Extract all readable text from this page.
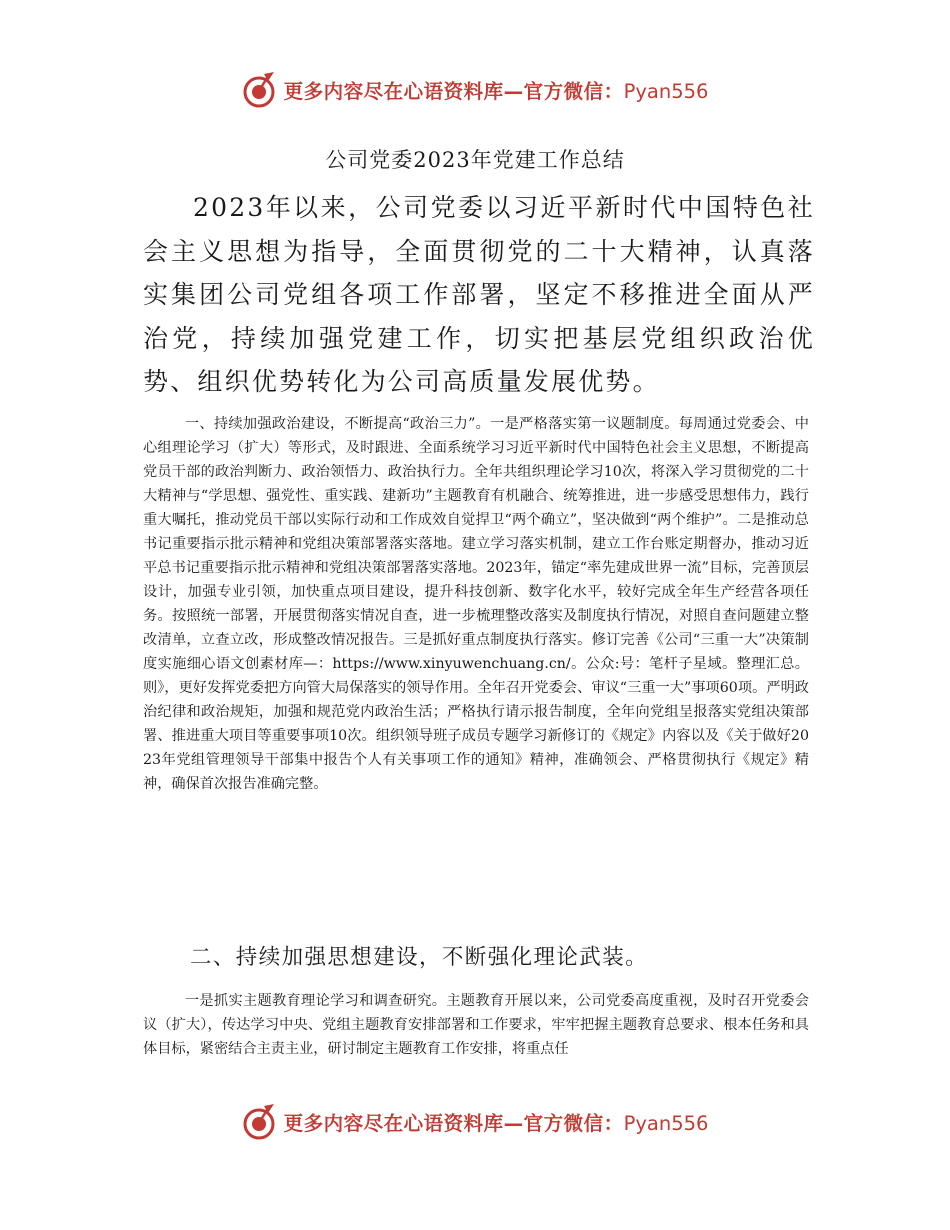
更多内容尽在心语资料库—官方微信：Pyan556
公司党委2023年党建工作总结

2023年以来，公司党委以习近平新时代中国特色社会主义思想为指导，全面贯彻党的二十大精神，认真落实集团公司党组各项工作部署，坚定不移推进全面从严治党，持续加强党建工作，切实把基层党组织政治优势、组织优势转化为公司高质量发展优势。

一、持续加强政治建设，不断提高“政治三力”。一是严格落实第一议题制度。每周通过党委会、中心组理论学习（扩大）等形式，及时跟进、全面系统学习习近平新时代中国特色社会主义思想，不断提高党员干部的政治判断力、政治领悟力、政治执行力。全年共组织理论学习10次，将深入学习贯彻党的二十大精神与“学思想、强党性、重实践、建新功”主题教育有机融合、统筹推进，进一步感受思想伟力，践行重大嘱托，推动党员干部以实际行动和工作成效自觉捍卫“两个确立”，坚决做到“两个维护”。二是推动总书记重要指示批示精神和党组决策部署落实落地。建立学习落实机制，建立工作台账定期督办，推动习近平总书记重要指示批示精神和党组决策部署落实落地。2023年，锚定“率先建成世界一流”目标，完善顶层设计，加强专业引领，加快重点项目建设，提升科技创新、数字化水平，较好完成全年生产经营各项任务。按照统一部署，开展贯彻落实情况自查，进一步梳理整改落实及制度执行情况，对照自查问题建立整改清单，立查立改，形成整改情况报告。三是抓好重点制度执行落实。修订完善《公司“三重一大”决策制度实施细心语文创素材库—：https://www.xinyuwenchuang.cn/。公众:号：笔杆子星域。整理汇总。则》，更好发挥党委把方向管大局保落实的领导作用。全年召开党委会、审议“三重一大”事项60项。严明政治纪律和政治规矩，加强和规范党内政治生活；严格执行请示报告制度，全年向党组呈报落实党组决策部署、推进重大项目等重要事项10次。组织领导班子成员专题学习新修订的《规定》内容以及《关于做好2023年党组管理领导干部集中报告个人有关事项工作的通知》精神，准确领会、严格贯彻执行《规定》精神，确保首次报告准确完整。

二、持续加强思想建设，不断强化理论武装。

一是抓实主题教育理论学习和调查研究。主题教育开展以来，公司党委高度重视，及时召开党委会议（扩大），传达学习中央、党组主题教育安排部署和工作要求，牢牢把握主题教育总要求、根本任务和具体目标，紧密结合主责主业，研讨制定主题教育工作安排，将重点任

更多内容尽在心语资料库—官方微信：Pyan556
